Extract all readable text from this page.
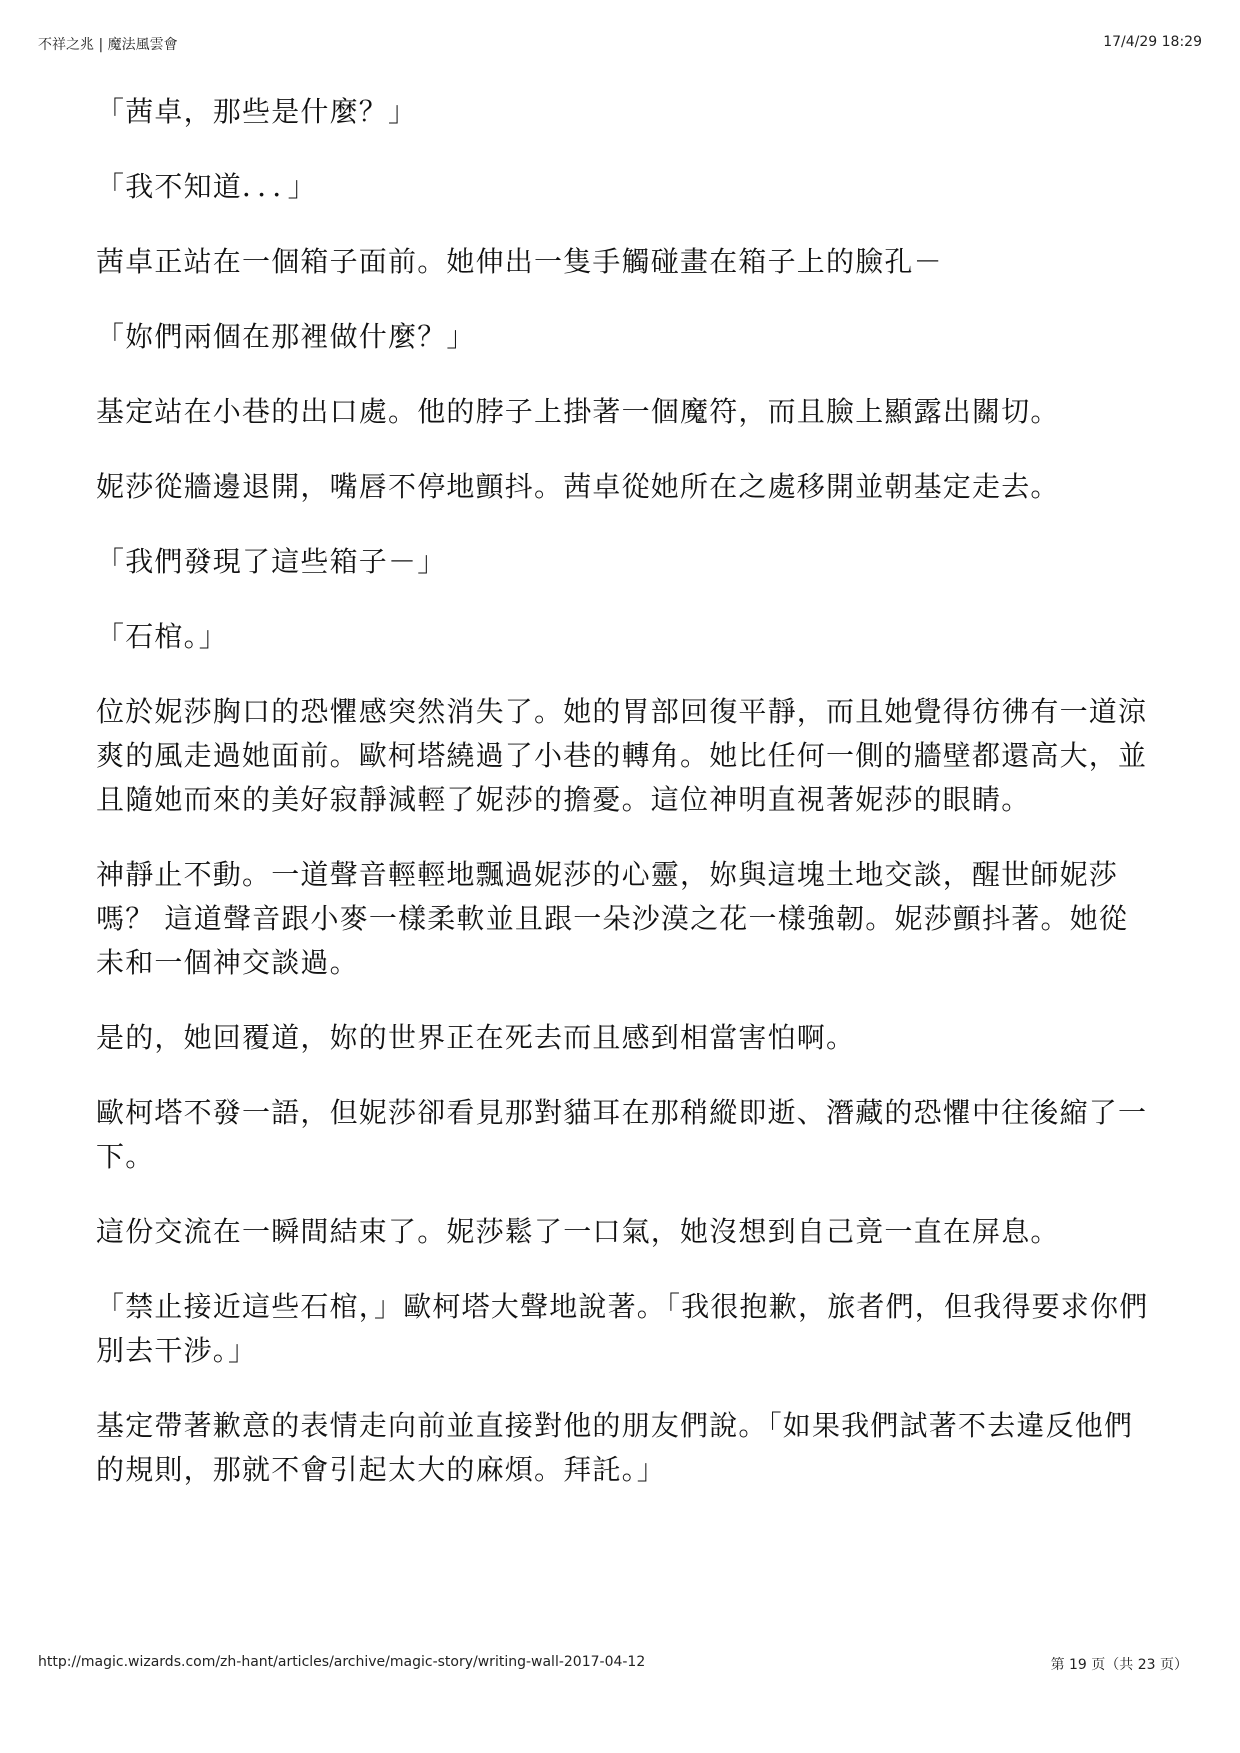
不祥之兆 | 魔法風雲會	17/4/29 18:29

「茜卓，那些是什麼？」

「我不知道．．．」

茜卓正站在一個箱子面前。她伸出一隻手觸碰畫在箱子上的臉孔－

「妳們兩個在那裡做什麼？」

基定站在小巷的出口處。他的脖子上掛著一個魔符，而且臉上顯露出關切。

妮莎從牆邊退開，嘴唇不停地顫抖。茜卓從她所在之處移開並朝基定走去。

「我們發現了這些箱子－」

「石棺。」

位於妮莎胸口的恐懼感突然消失了。她的胃部回復平靜，而且她覺得彷彿有一道涼爽的風走過她面前。歐柯塔繞過了小巷的轉角。她比任何一側的牆壁都還高大，並且隨她而來的美好寂靜減輕了妮莎的擔憂。這位神明直視著妮莎的眼睛。

神靜止不動。一道聲音輕輕地飄過妮莎的心靈，妳與這塊土地交談，醒世師妮莎嗎？ 這道聲音跟小麥一樣柔軟並且跟一朵沙漠之花一樣強韌。妮莎顫抖著。她從未和一個神交談過。

是的，她回覆道，妳的世界正在死去而且感到相當害怕啊。

歐柯塔不發一語，但妮莎卻看見那對貓耳在那稍縱即逝、潛藏的恐懼中往後縮了一下。

這份交流在一瞬間結束了。妮莎鬆了一口氣，她沒想到自己竟一直在屏息。

「禁止接近這些石棺，」歐柯塔大聲地說著。「我很抱歉，旅者們，但我得要求你們別去干涉。」

基定帶著歉意的表情走向前並直接對他的朋友們說。「如果我們試著不去違反他們的規則，那就不會引起太大的麻煩。拜託。」

http://magic.wizards.com/zh-hant/articles/archive/magic-story/writing-wall-2017-04-12	第 19 页（共 23 页）
